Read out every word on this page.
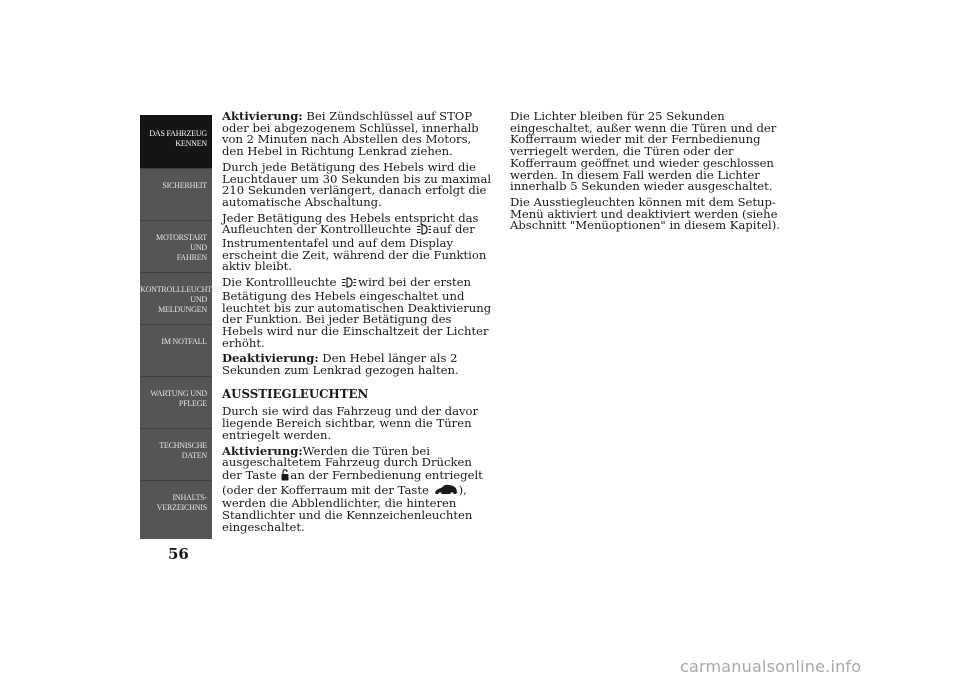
DAS FAHRZEUG
KENNEN
SICHERHEIT
MOTORSTART UND
FAHREN
KONTROLLLEUCHTEN
UND MELDUNGEN
IM NOTFALL
WARTUNG UND
PFLEGE
TECHNISCHE
DATEN
INHALTS-
VERZEICHNIS
56

Aktivierung: Bei Zündschlüssel auf STOP oder bei abgezogenem Schlüssel, innerhalb von 2 Minuten nach Abstellen des Motors, den Hebel in Richtung Lenkrad ziehen.

Durch jede Betätigung des Hebels wird die Leuchtdauer um 30 Sekunden bis zu maximal 210 Sekunden verlängert, danach erfolgt die automatische Abschaltung.

Jeder Betätigung des Hebels entspricht das Aufleuchten der Kontrollleuchte auf der Instrumententafel und auf dem Display erscheint die Zeit, während der die Funktion aktiv bleibt.

Die Kontrollleuchte wird bei der ersten Betätigung des Hebels eingeschaltet und leuchtet bis zur automatischen Deaktivierung der Funktion. Bei jeder Betätigung des Hebels wird nur die Einschaltzeit der Lichter erhöht.

Deaktivierung: Den Hebel länger als 2 Sekunden zum Lenkrad gezogen halten.

AUSSTIEGLEUCHTEN

Durch sie wird das Fahrzeug und der davor liegende Bereich sichtbar, wenn die Türen entriegelt werden.

Aktivierung:Werden die Türen bei ausgeschaltetem Fahrzeug durch Drücken der Taste an der Fernbedienung entriegelt (oder der Kofferraum mit der Taste ), werden die Abblendlichter, die hinteren Standlichter und die Kennzeichenleuchten eingeschaltet.

Die Lichter bleiben für 25 Sekunden eingeschaltet, außer wenn die Türen und der Kofferraum wieder mit der Fernbedienung verriegelt werden, die Türen oder der Kofferraum geöffnet und wieder geschlossen werden. In diesem Fall werden die Lichter innerhalb 5 Sekunden wieder ausgeschaltet.

Die Ausstiegleuchten können mit dem Setup-Menü aktiviert und deaktiviert werden (siehe Abschnitt "Menüoptionen" in diesem Kapitel).

carmanualsonline.info
